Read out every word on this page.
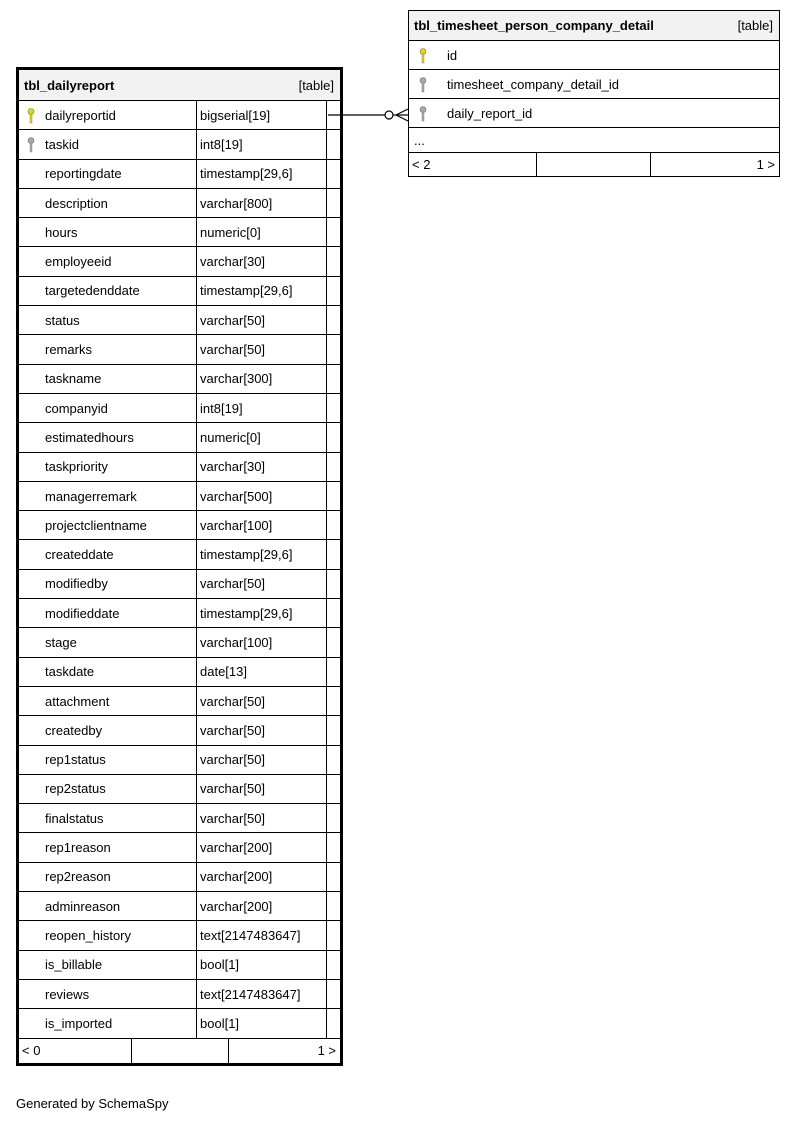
tbl_dailyreport	[table]
dailyreportid	bigserial[19]
taskid	int8[19]
reportingdate	timestamp[29,6]
description	varchar[800]
hours	numeric[0]
employeeid	varchar[30]
targetedenddate	timestamp[29,6]
status	varchar[50]
remarks	varchar[50]
taskname	varchar[300]
companyid	int8[19]
estimatedhours	numeric[0]
taskpriority	varchar[30]
managerremark	varchar[500]
projectclientname	varchar[100]
createddate	timestamp[29,6]
modifiedby	varchar[50]
modifieddate	timestamp[29,6]
stage	varchar[100]
taskdate	date[13]
attachment	varchar[50]
createdby	varchar[50]
rep1status	varchar[50]
rep2status	varchar[50]
finalstatus	varchar[50]
rep1reason	varchar[200]
rep2reason	varchar[200]
adminreason	varchar[200]
reopen_history	text[2147483647]
is_billable	bool[1]
reviews	text[2147483647]
is_imported	bool[1]
< 0	1 >
tbl_timesheet_person_company_detail	[table]
id
timesheet_company_detail_id
daily_report_id
...
< 2	1 >
Generated by SchemaSpy
